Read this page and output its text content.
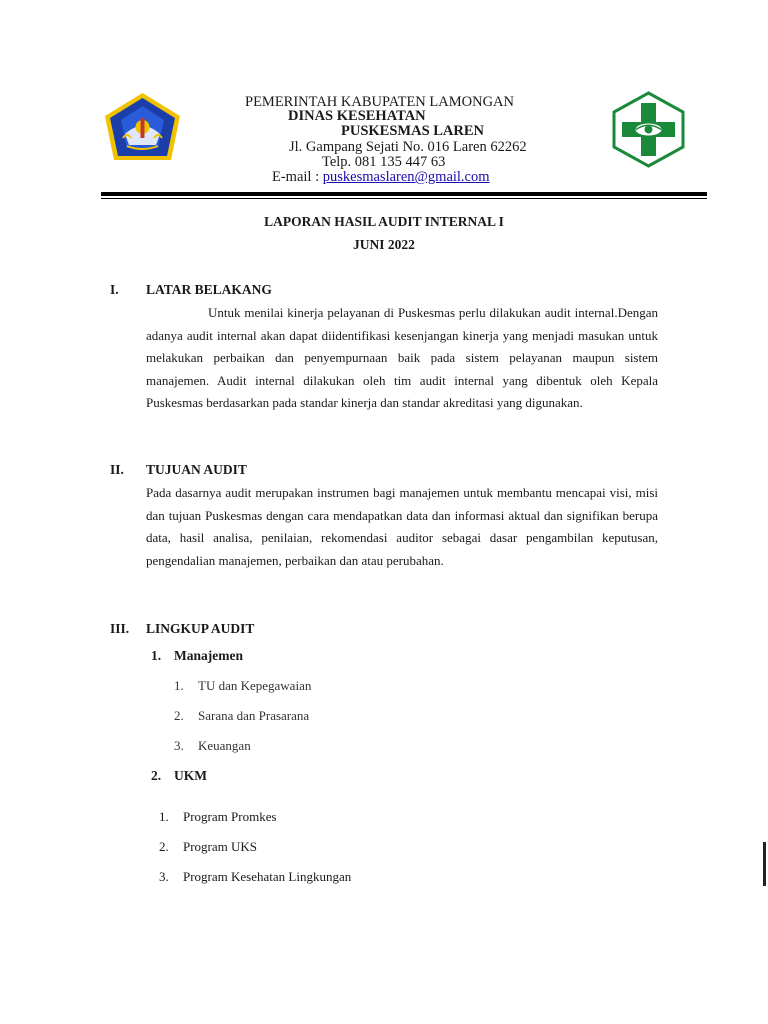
PEMERINTAH KABUPATEN LAMONGAN
DINAS KESEHATAN
PUSKESMAS LAREN
Jl. Gampang Sejati No. 016 Laren 62262
Telp. 081 135 447 63
E-mail : puskesmaslaren@gmail.com
LAPORAN HASIL AUDIT INTERNAL I
JUNI 2022
I. LATAR BELAKANG
Untuk menilai kinerja pelayanan di Puskesmas perlu dilakukan audit internal.Dengan adanya audit internal akan dapat diidentifikasi kesenjangan kinerja yang menjadi masukan untuk melakukan perbaikan dan penyempurnaan baik pada sistem pelayanan maupun sistem manajemen. Audit internal dilakukan oleh tim audit internal yang dibentuk oleh Kepala Puskesmas berdasarkan pada standar kinerja dan standar akreditasi yang digunakan.
II. TUJUAN AUDIT
Pada dasarnya audit merupakan instrumen bagi manajemen untuk membantu mencapai visi, misi dan tujuan Puskesmas dengan cara mendapatkan data dan informasi aktual dan signifikan berupa data, hasil analisa, penilaian, rekomendasi auditor sebagai dasar pengambilan keputusan, pengendalian manajemen, perbaikan dan atau perubahan.
III. LINGKUP AUDIT
1. Manajemen
1. TU dan Kepegawaian
2. Sarana dan Prasarana
3. Keuangan
2. UKM
1. Program Promkes
2. Program UKS
3. Program Kesehatan Lingkungan
